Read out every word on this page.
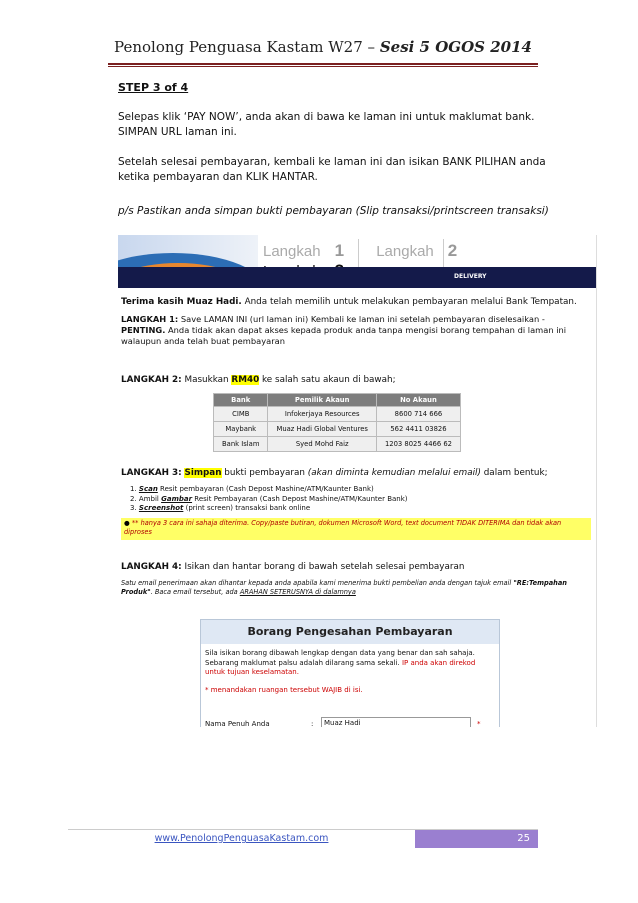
Penolong Penguasa Kastam W27 – Sesi 5 OGOS 2014
STEP 3 of 4
Selepas klik ‘PAY NOW’, anda akan di bawa ke laman ini untuk maklumat bank. SIMPAN URL laman ini.
Setelah selesai pembayaran, kembali ke laman ini dan isikan BANK PILIHAN anda ketika pembayaran dan KLIK HANTAR.
p/s Pastikan anda simpan bukti pembayaran (Slip transaksi/printscreen transaksi)
Langkah 1 Langkah 2
DELIVERY
Terima kasih Muaz Hadi. Anda telah memilih untuk melakukan pembayaran melalui Bank Tempatan.
LANGKAH 1: Save LAMAN INI (url laman ini) Kembali ke laman ini setelah pembayaran diselesaikan - PENTING. Anda tidak akan dapat akses kepada produk anda tanpa mengisi borang tempahan di laman ini walaupun anda telah buat pembayaran
LANGKAH 2: Masukkan RM40 ke salah satu akaun di bawah;
Bank	Pemilik Akaun	No Akaun
CIMB	Infokerjaya Resources	8600 714 666
Maybank	Muaz Hadi Global Ventures	562 4411 03826
Bank Islam	Syed Mohd Faiz	1203 8025 4466 62
LANGKAH 3: Simpan bukti pembayaran (akan diminta kemudian melalui email) dalam bentuk;
1. Scan Resit pembayaran (Cash Depost Mashine/ATM/Kaunter Bank)
2. Ambil Gambar Resit Pembayaran (Cash Depost Mashine/ATM/Kaunter Bank)
3. Screenshot (print screen) transaksi bank online
● ** hanya 3 cara ini sahaja diterima. Copy/paste butiran, dokumen Microsoft Word, text document TIDAK DITERIMA dan tidak akan diproses
LANGKAH 4: Isikan dan hantar borang di bawah setelah selesai pembayaran
Satu email penerimaan akan dihantar kepada anda apabila kami menerima bukti pembelian anda dengan tajuk email "RE:Tempahan Produk". Baca email tersebut, ada ARAHAN SETERUSNYA di dalamnya
Borang Pengesahan Pembayaran
Sila isikan borang dibawah lengkap dengan data yang benar dan sah sahaja. Sebarang maklumat palsu adalah dilarang sama sekali. IP anda akan direkod untuk tujuan keselamatan.
* menandakan ruangan tersebut WAJIB di isi.
Nama Penuh Anda	:	Muaz Hadi	*
www.PenolongPenguasaKastam.com	25
